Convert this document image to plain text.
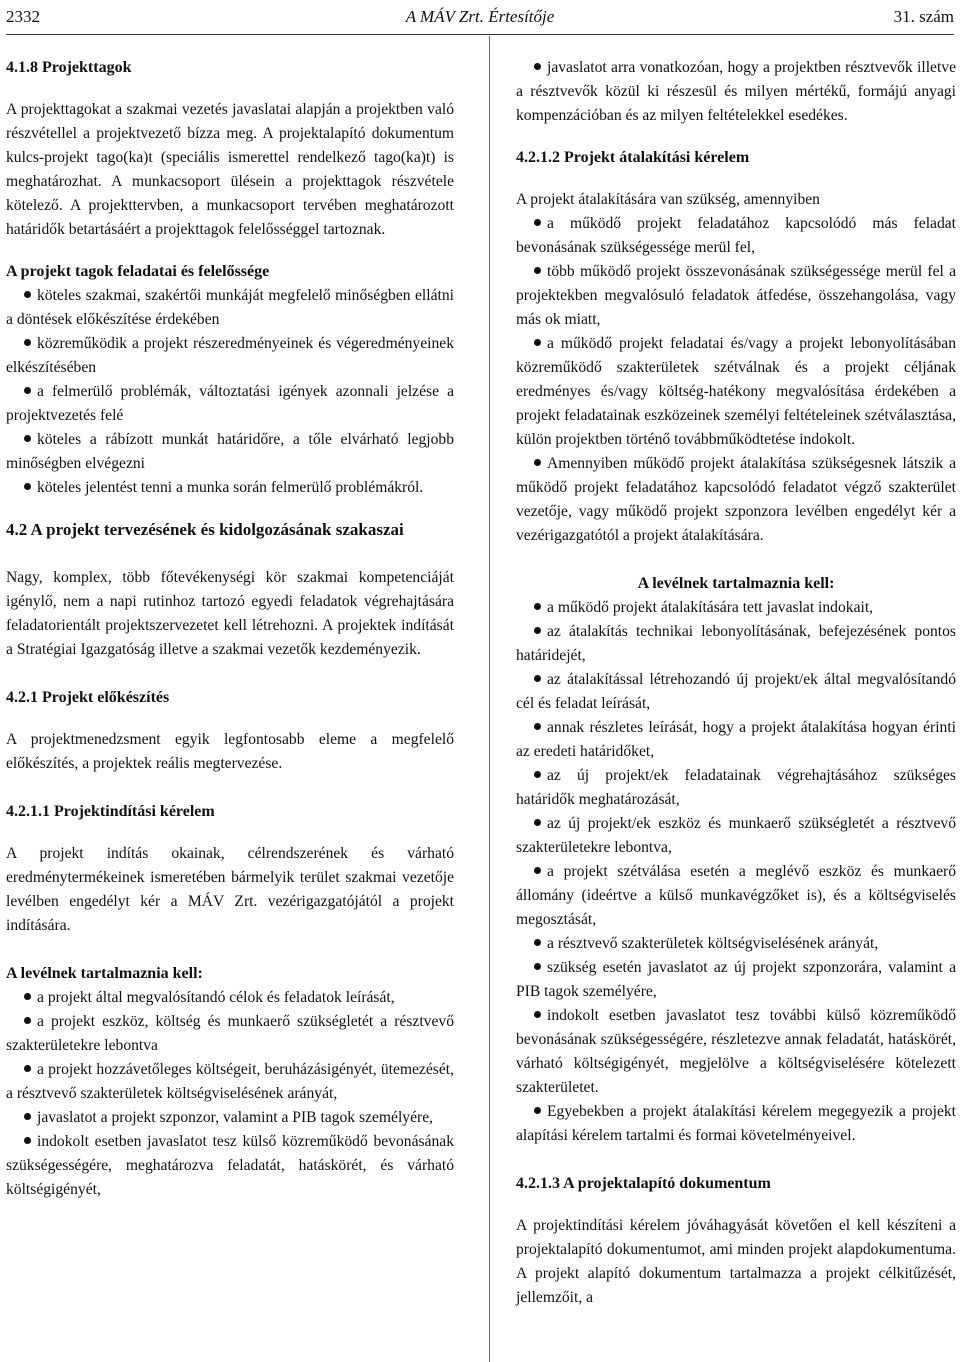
2332	A MÁV Zrt. Értesítője	31. szám

4.1.8 Projekttagok

A projekttagokat a szakmai vezetés javaslatai alapján a projektben való részvétellel a projektvezető bízza meg. A projektalapító dokumentum kulcs-projekt tago(ka)t (speciális ismerettel rendelkező tago(ka)t) is meghatározhat. A munkacsoport ülésein a projekttagok részvétele kötelező. A projekttervben, a munkacsoport tervében meghatározott határidők betartásáért a projekttagok felelősséggel tartoznak.

A projekt tagok feladatai és felelőssége

köteles szakmai, szakértői munkáját megfelelő minőségben ellátni a döntések előkészítése érdekében

közreműködik a projekt részeredményeinek és végeredményeinek elkészítésében

a felmerülő problémák, változtatási igények azonnali jelzése a projektvezetés felé

köteles a rábízott munkát határidőre, a tőle elvárható legjobb minőségben elvégezni

köteles jelentést tenni a munka során felmerülő problémákról.

4.2 A projekt tervezésének és kidolgozásának szakaszai

Nagy, komplex, több főtevékenységi kör szakmai kompetenciáját igénylő, nem a napi rutinhoz tartozó egyedi feladatok végrehajtására feladatorientált projektszervezetet kell létrehozni. A projektek indítását a Stratégiai Igazgatóság illetve a szakmai vezetők kezdeményezik.

4.2.1 Projekt előkészítés

A projektmenedzsment egyik legfontosabb eleme a megfelelő előkészítés, a projektek reális megtervezése.

4.2.1.1 Projektindítási kérelem

A projekt indítás okainak, célrendszerének és várható eredménytermékeinek ismeretében bármelyik terület szakmai vezetője levélben engedélyt kér a MÁV Zrt. vezérigazgatójától a projekt indítására.

A levélnek tartalmaznia kell:

a projekt által megvalósítandó célok és feladatok leírását,

a projekt eszköz, költség és munkaerő szükségletét a résztvevő szakterületekre lebontva

a projekt hozzávetőleges költségeit, beruházásigényét, ütemezését, a résztvevő szakterületek költségviselésének arányát,

javaslatot a projekt szponzor, valamint a PIB tagok személyére,

indokolt esetben javaslatot tesz külső közreműködő bevonásának szükségességére, meghatározva feladatát, hatáskörét, és várható költségigényét,

javaslatot arra vonatkozóan, hogy a projektben résztvevők illetve a résztvevők közül ki részesül és milyen mértékű, formájú anyagi kompenzációban és az milyen feltételekkel esedékes.

4.2.1.2 Projekt átalakítási kérelem

A projekt átalakítására van szükség, amennyiben

a működő projekt feladatához kapcsolódó más feladat bevonásának szükségessége merül fel,

több működő projekt összevonásának szükségessége merül fel a projektekben megvalósuló feladatok átfedése, összehangolása, vagy más ok miatt,

a működő projekt feladatai és/vagy a projekt lebonyolításában közreműködő szakterületek szétválnak és a projekt céljának eredményes és/vagy költség-hatékony megvalósítása érdekében a projekt feladatainak eszközeinek személyi feltételeinek szétválasztása, külön projektben történő továbbműködtetése indokolt.

Amennyiben működő projekt átalakítása szükségesnek látszik a működő projekt feladatához kapcsolódó feladatot végző szakterület vezetője, vagy működő projekt szponzora levélben engedélyt kér a vezérigazgatótól a projekt átalakítására.

A levélnek tartalmaznia kell:

a működő projekt átalakítására tett javaslat indokait,

az átalakítás technikai lebonyolításának, befejezésének pontos határidejét,

az átalakítással létrehozandó új projekt/ek által megvalósítandó cél és feladat leírását,

annak részletes leírását, hogy a projekt átalakítása hogyan érinti az eredeti határidőket,

az új projekt/ek feladatainak végrehajtásához szükséges határidők meghatározását,

az új projekt/ek eszköz és munkaerő szükségletét a résztvevő szakterületekre lebontva,

a projekt szétválása esetén a meglévő eszköz és munkaerő állomány (ideértve a külső munkavégzőket is), és a költségviselés megosztását,

a résztvevő szakterületek költségviselésének arányát,

szükség esetén javaslatot az új projekt szponzorára, valamint a PIB tagok személyére,

indokolt esetben javaslatot tesz további külső közreműködő bevonásának szükségességére, részletezve annak feladatát, hatáskörét, várható költségigényét, megjelölve a költségviselésére kötelezett szakterületet.

Egyebekben a projekt átalakítási kérelem megegyezik a projekt alapítási kérelem tartalmi és formai követelményeivel.

4.2.1.3 A projektalapító dokumentum

A projektindítási kérelem jóváhagyását követően el kell készíteni a projektalapító dokumentumot, ami minden projekt alapdokumentuma. A projekt alapító dokumentum tartalmazza a projekt célkitűzését, jellemzőit, a
